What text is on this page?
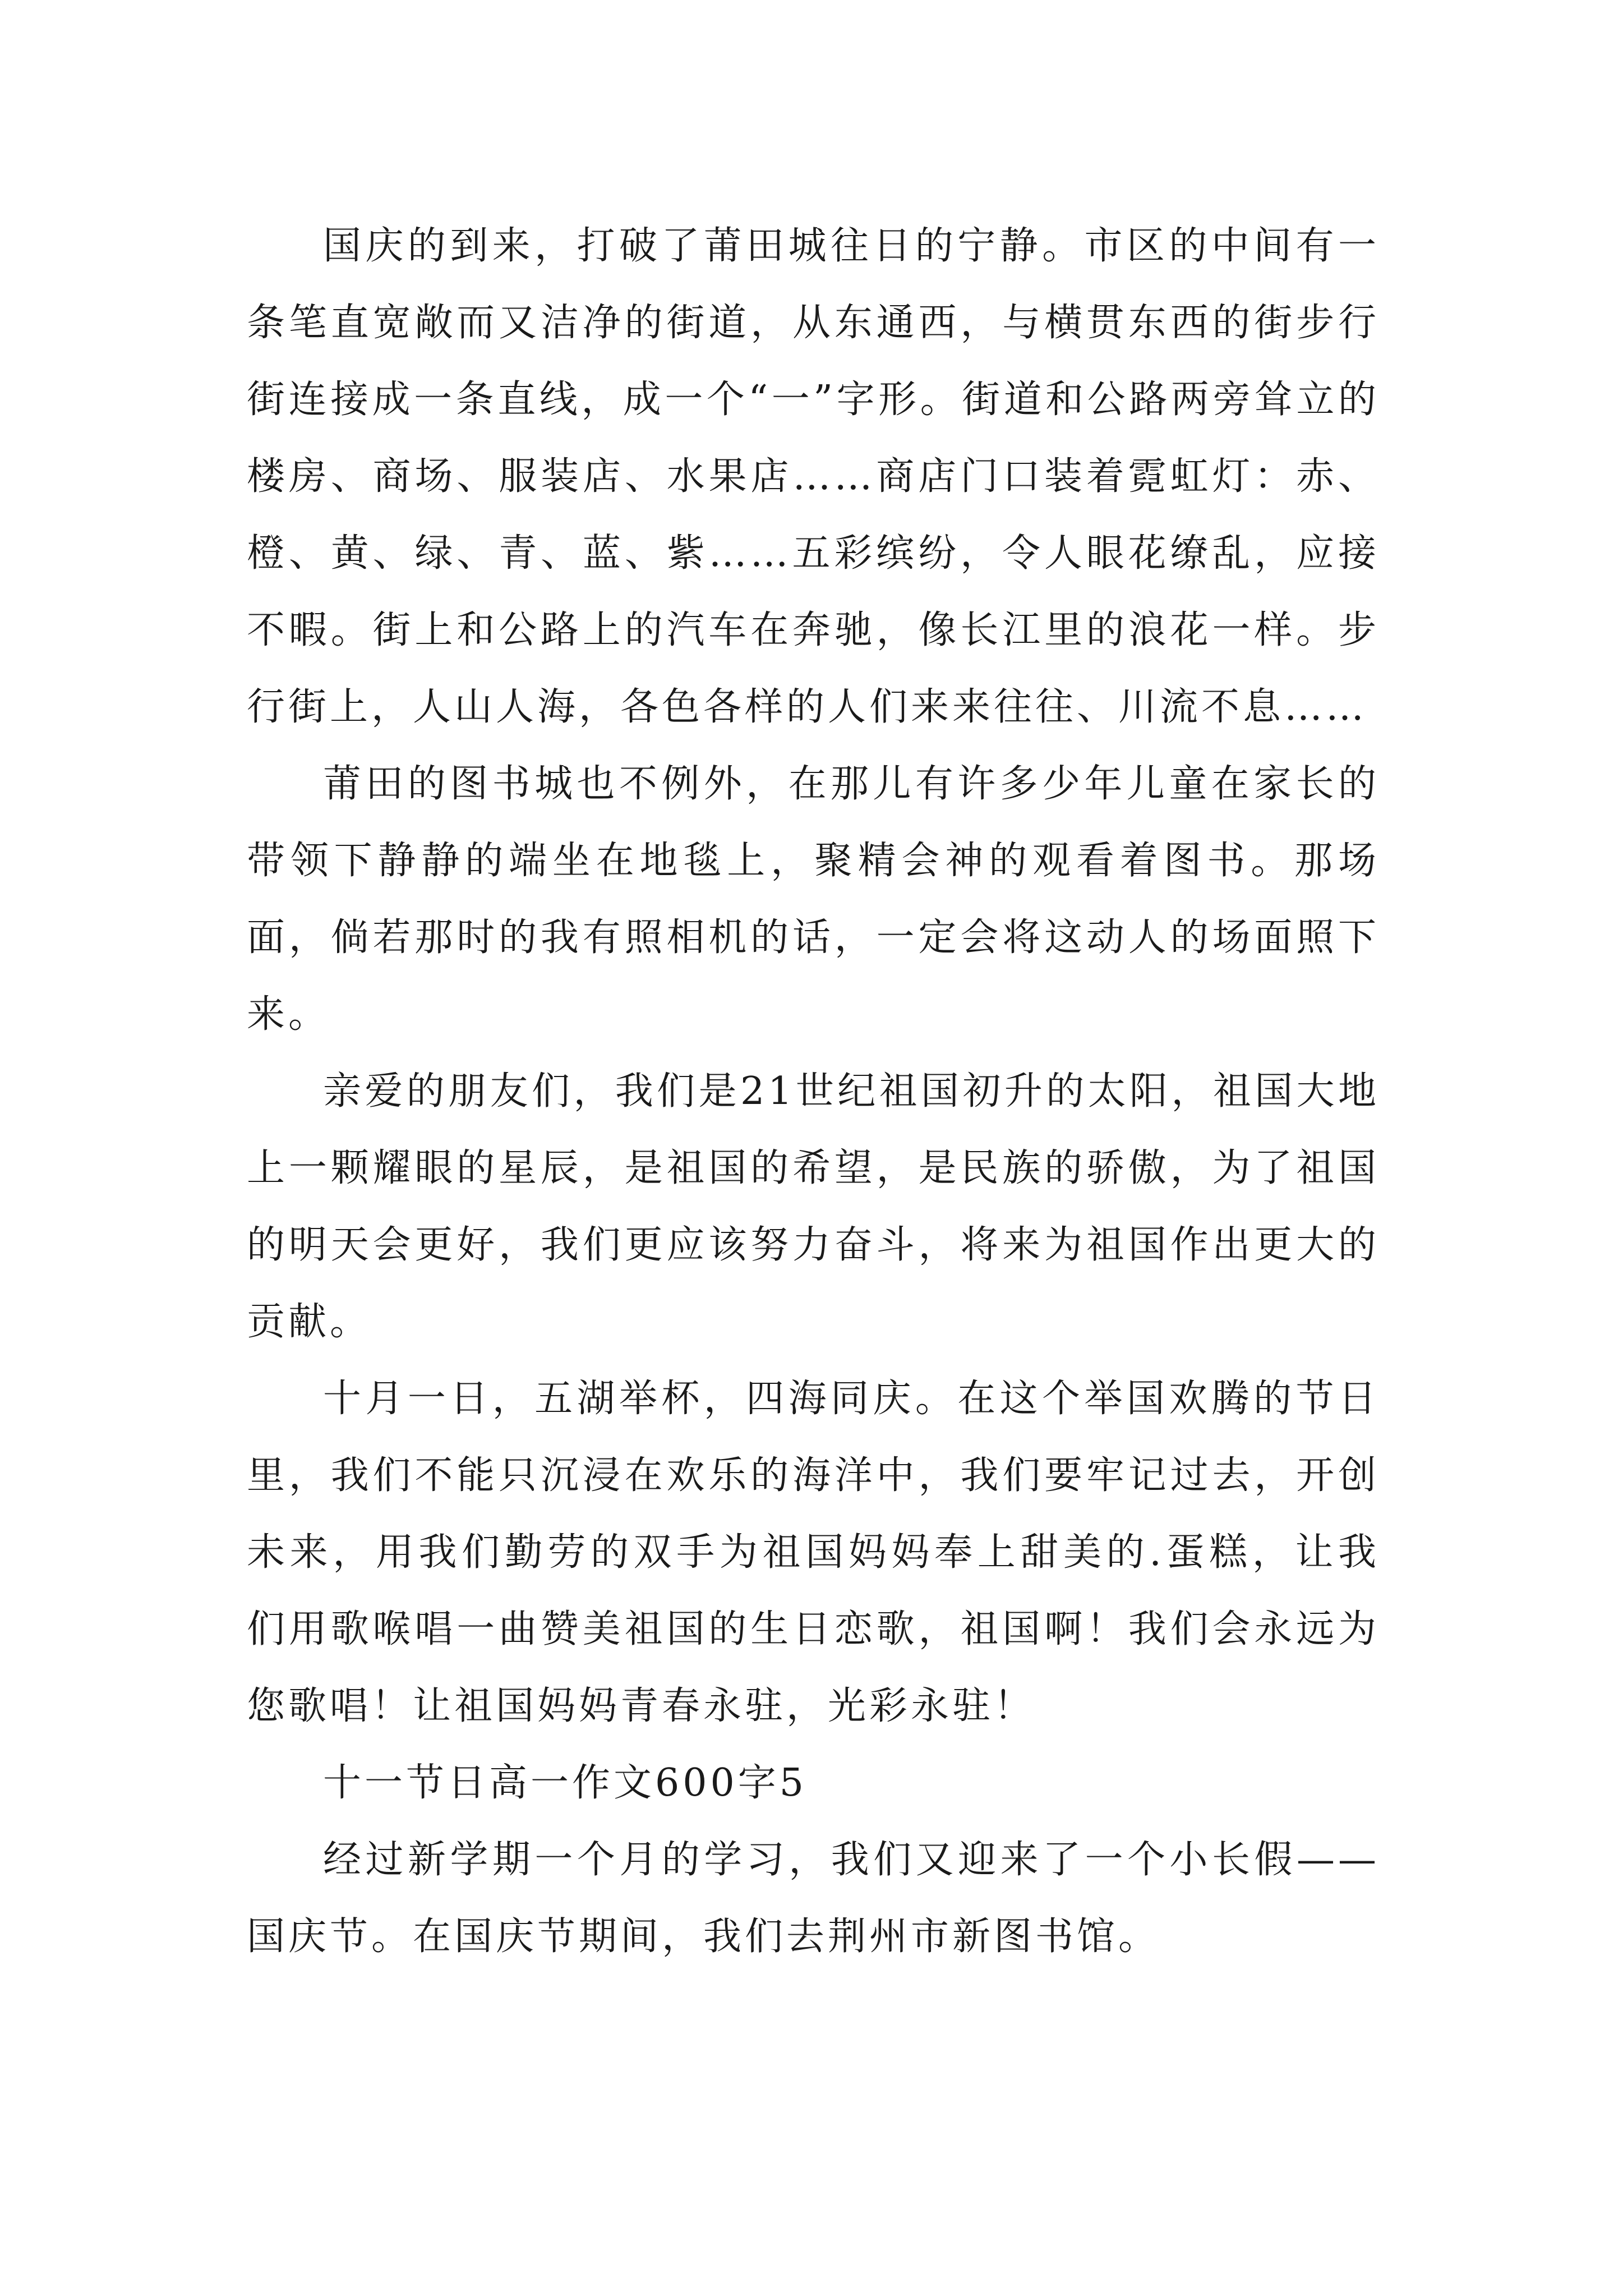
国庆的到来，打破了莆田城往日的宁静。市区的中间有一条笔直宽敞而又洁净的街道，从东通西，与横贯东西的街步行街连接成一条直线，成一个“一”字形。街道和公路两旁耸立的楼房、商场、服装店、水果店……商店门口装着霓虹灯：赤、橙、黄、绿、青、蓝、紫……五彩缤纷，令人眼花缭乱，应接不暇。街上和公路上的汽车在奔驰，像长江里的浪花一样。步行街上，人山人海，各色各样的人们来来往往、川流不息……

莆田的图书城也不例外，在那儿有许多少年儿童在家长的带领下静静的端坐在地毯上，聚精会神的观看着图书。那场面，倘若那时的我有照相机的话，一定会将这动人的场面照下来。

亲爱的朋友们，我们是21世纪祖国初升的太阳，祖国大地上一颗耀眼的星辰，是祖国的希望，是民族的骄傲，为了祖国的明天会更好，我们更应该努力奋斗，将来为祖国作出更大的贡献。

十月一日，五湖举杯，四海同庆。在这个举国欢腾的节日里，我们不能只沉浸在欢乐的海洋中，我们要牢记过去，开创未来，用我们勤劳的双手为祖国妈妈奉上甜美的.蛋糕，让我们用歌喉唱一曲赞美祖国的生日恋歌，祖国啊！我们会永远为您歌唱！让祖国妈妈青春永驻，光彩永驻！

十一节日高一作文600字5

经过新学期一个月的学习，我们又迎来了一个小长假——国庆节。在国庆节期间，我们去荆州市新图书馆。
